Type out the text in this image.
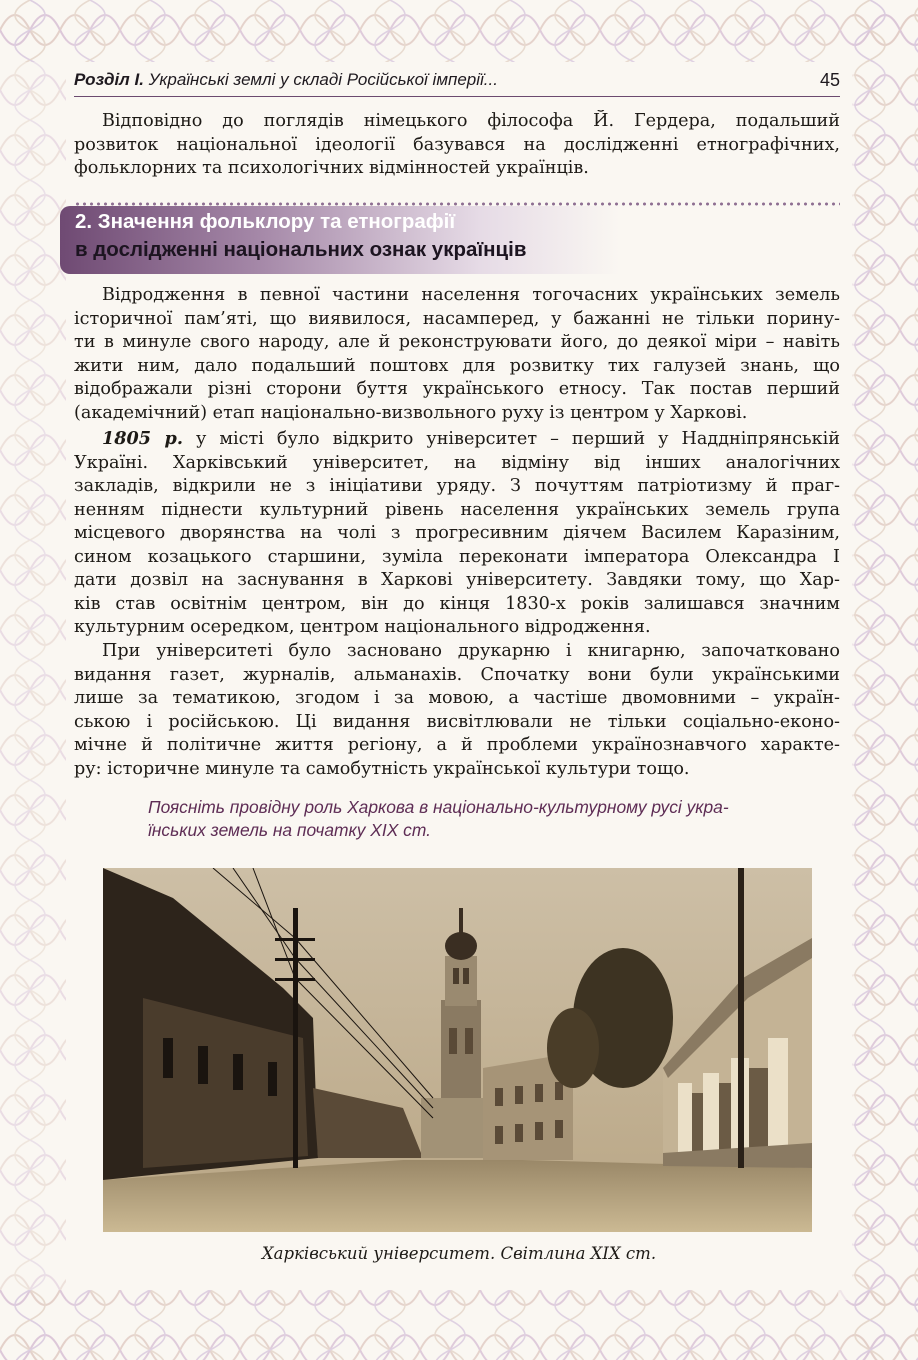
Розділ І. Українські землі у складі Російської імперії...	45
Відповідно до поглядів німецького філософа Й. Гердера, подальший
розвиток національної ідеології базувався на дослідженні етнографічних,
фольклорних та психологічних відмінностей українців.
2. Значення фольклору та етнографії
в дослідженні національних ознак українців
Відродження в певної частини населення тогочасних українських земель
історичної пам’яті, що виявилося, насамперед, у бажанні не тільки порину-
ти в минуле свого народу, але й реконструювати його, до деякої міри – навіть
жити ним, дало подальший поштовх для розвитку тих галузей знань, що
відображали різні сторони буття українського етносу. Так постав перший
(академічний) етап національно-визвольного руху із центром у Харкові.
1805 р. у місті було відкрито університет – перший у Наддніпрянській
Україні. Харківський університет, на відміну від інших аналогічних
закладів, відкрили не з ініціативи уряду. З почуттям патріотизму й праг-
ненням піднести культурний рівень населення українських земель група
місцевого дворянства на чолі з прогресивним діячем Василем Каразіним,
сином козацького старшини, зуміла переконати імператора Олександра І
дати дозвіл на заснування в Харкові університету. Завдяки тому, що Хар-
ків став освітнім центром, він до кінця 1830-х років залишався значним
культурним осередком, центром національного відродження.
При університеті було засновано друкарню і книгарню, започатковано
видання газет, журналів, альманахів. Спочатку вони були українськими
лише за тематикою, згодом і за мовою, а частіше двомовними – україн-
ською і російською. Ці видання висвітлювали не тільки соціально-еконо-
мічне й політичне життя регіону, а й проблеми українознавчого характе-
ру: історичне минуле та самобутність української культури тощо.
Поясніть провідну роль Харкова в національно-культурному русі укра-
їнських земель на початку XIX ст.
Харківський університет. Світлина XIX ст.
